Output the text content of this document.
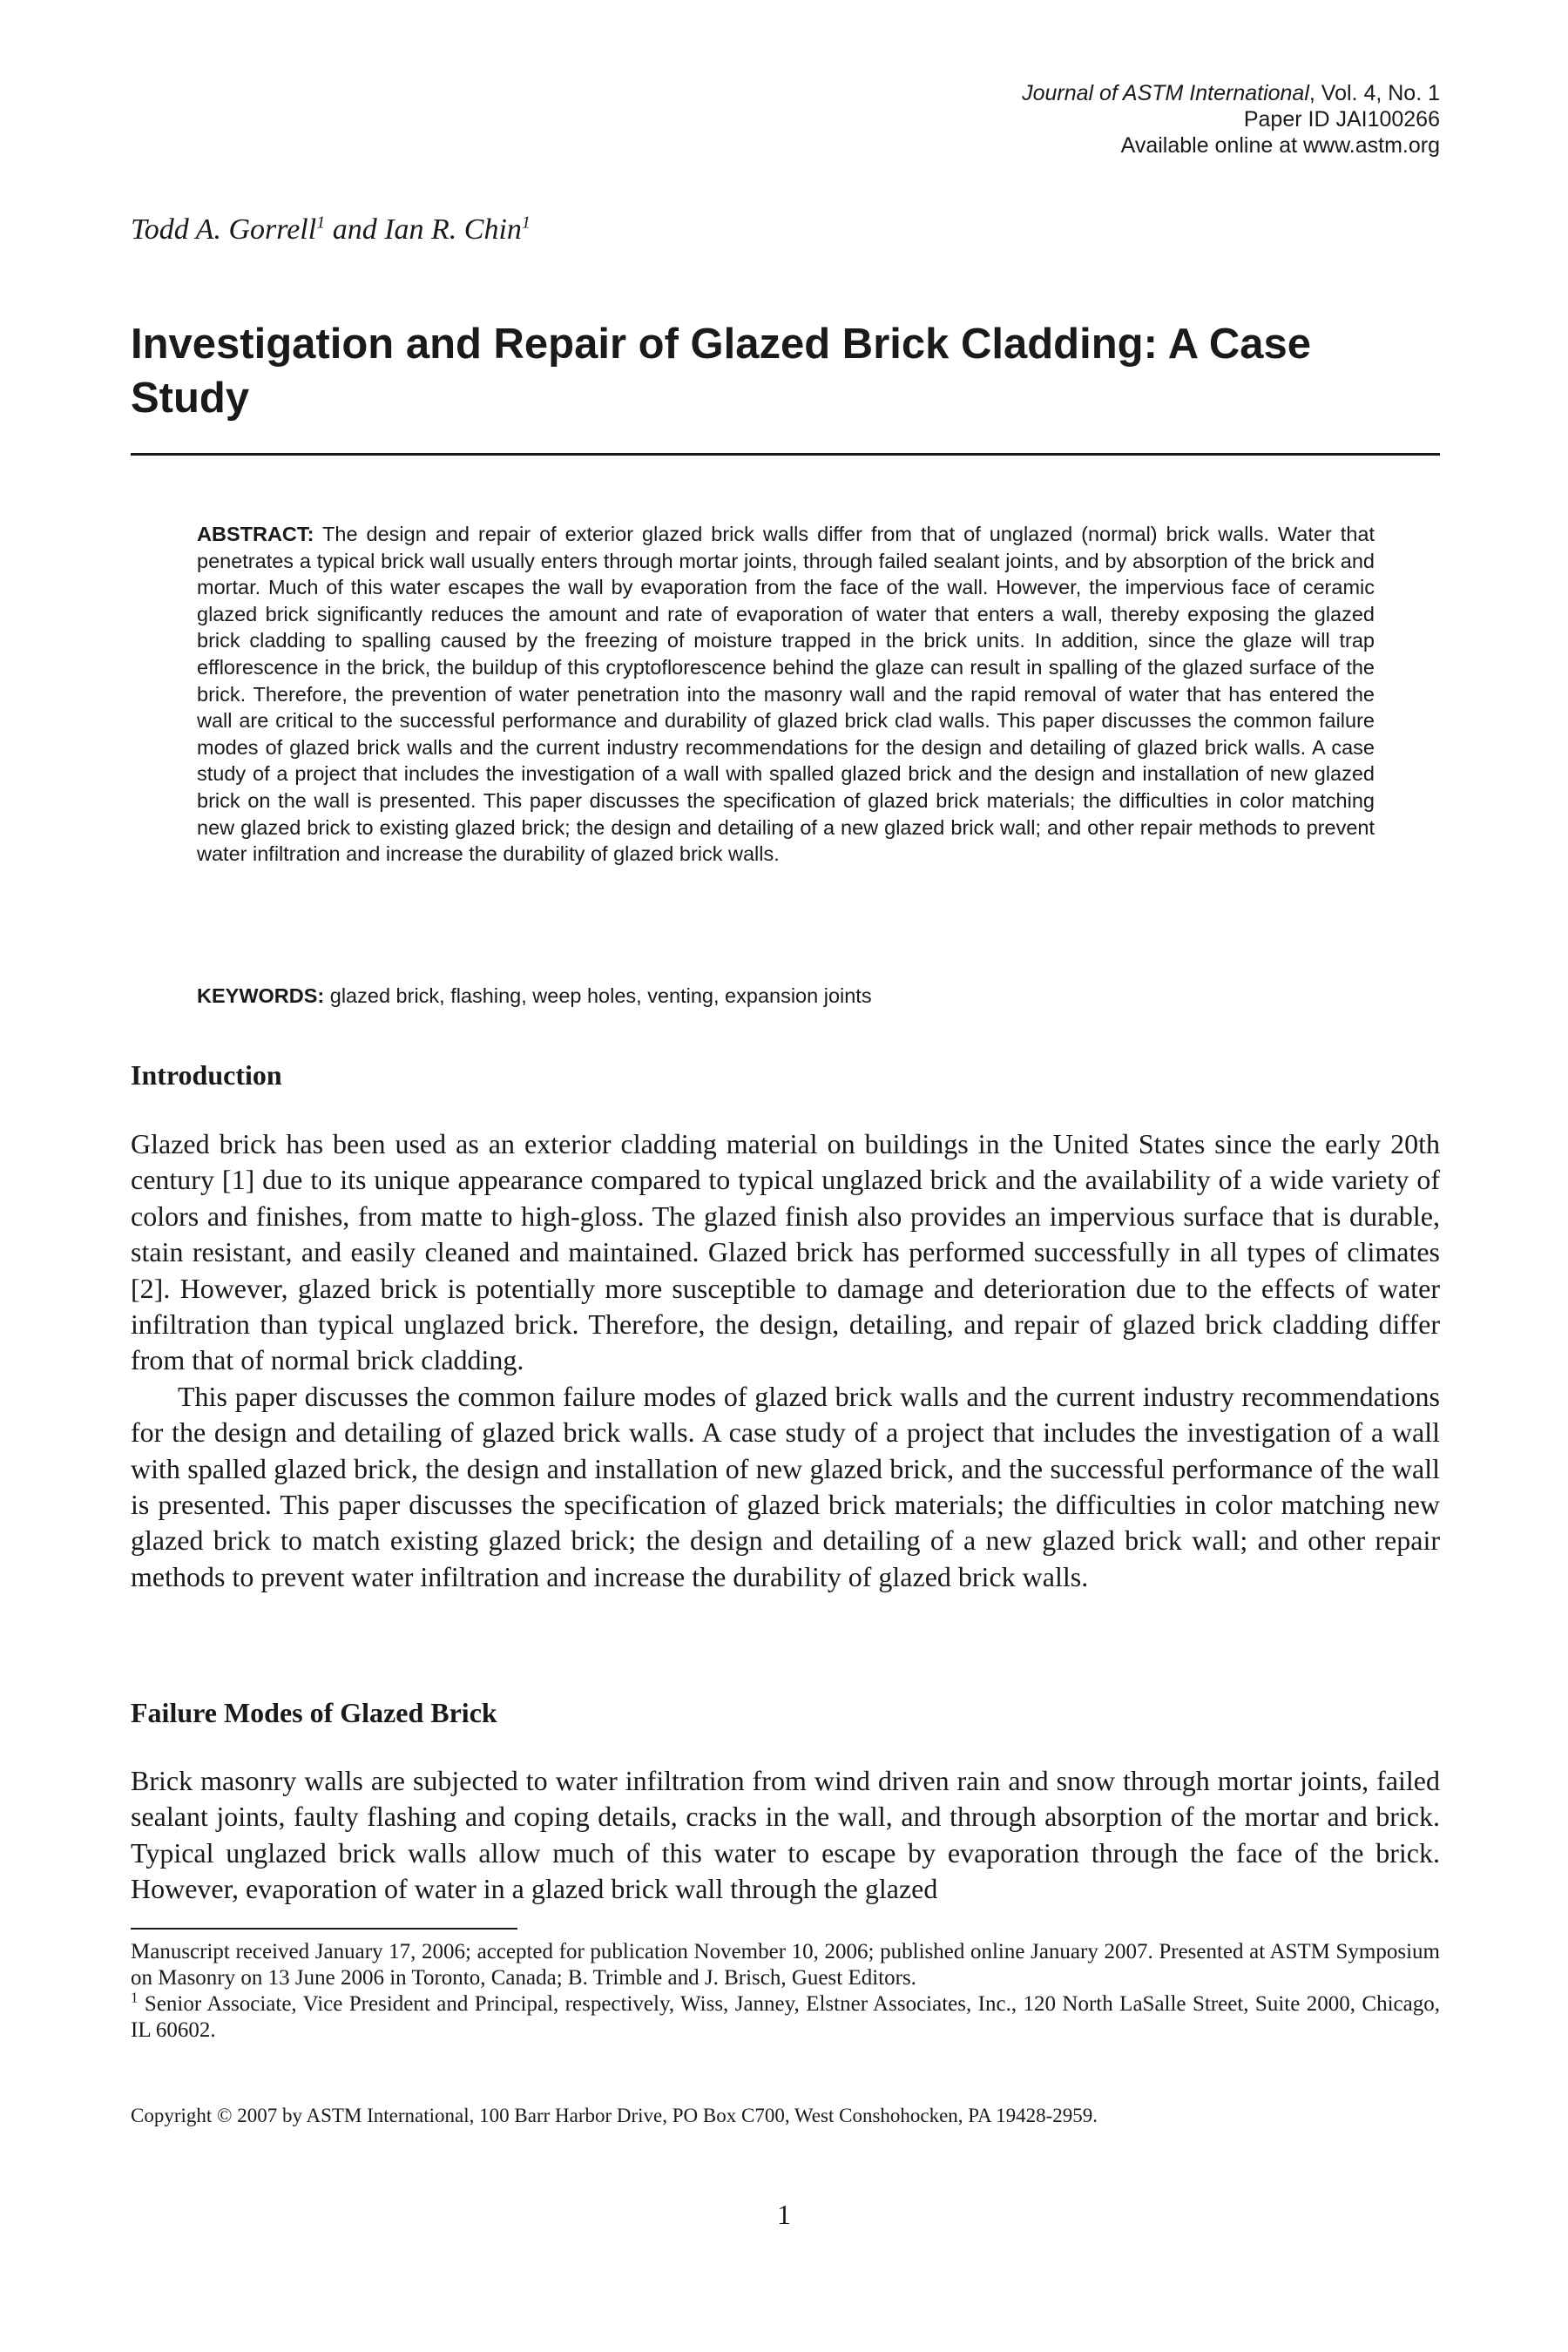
Journal of ASTM International, Vol. 4, No. 1
Paper ID JAI100266
Available online at www.astm.org
Todd A. Gorrell$^1$ and Ian R. Chin$^1$
Investigation and Repair of Glazed Brick Cladding: A Case Study

ABSTRACT: The design and repair of exterior glazed brick walls differ from that of unglazed (normal) brick walls. Water that penetrates a typical brick wall usually enters through mortar joints, through failed sealant joints, and by absorption of the brick and mortar. Much of this water escapes the wall by evaporation from the face of the wall. However, the impervious face of ceramic glazed brick significantly reduces the amount and rate of evaporation of water that enters a wall, thereby exposing the glazed brick cladding to spalling caused by the freezing of moisture trapped in the brick units. In addition, since the glaze will trap efflorescence in the brick, the buildup of this cryptoflorescence behind the glaze can result in spalling of the glazed surface of the brick. Therefore, the prevention of water penetration into the masonry wall and the rapid removal of water that has entered the wall are critical to the successful performance and durability of glazed brick clad walls. This paper discusses the common failure modes of glazed brick walls and the current industry recommendations for the design and detailing of glazed brick walls. A case study of a project that includes the investigation of a wall with spalled glazed brick and the design and installation of new glazed brick on the wall is presented. This paper discusses the specification of glazed brick materials; the difficulties in color matching new glazed brick to existing glazed brick; the design and detailing of a new glazed brick wall; and other repair methods to prevent water infiltration and increase the durability of glazed brick walls.

KEYWORDS: glazed brick, flashing, weep holes, venting, expansion joints

Introduction

Glazed brick has been used as an exterior cladding material on buildings in the United States since the early 20th century [1] due to its unique appearance compared to typical unglazed brick and the availability of a wide variety of colors and finishes, from matte to high-gloss. The glazed finish also provides an impervious surface that is durable, stain resistant, and easily cleaned and maintained. Glazed brick has performed successfully in all types of climates [2]. However, glazed brick is potentially more susceptible to damage and deterioration due to the effects of water infiltration than typical unglazed brick. Therefore, the design, detailing, and repair of glazed brick cladding differ from that of normal brick cladding.

This paper discusses the common failure modes of glazed brick walls and the current industry recommendations for the design and detailing of glazed brick walls. A case study of a project that includes the investigation of a wall with spalled glazed brick, the design and installation of new glazed brick, and the successful performance of the wall is presented. This paper discusses the specification of glazed brick materials; the difficulties in color matching new glazed brick to match existing glazed brick; the design and detailing of a new glazed brick wall; and other repair methods to prevent water infiltration and increase the durability of glazed brick walls.

Failure Modes of Glazed Brick

Brick masonry walls are subjected to water infiltration from wind driven rain and snow through mortar joints, failed sealant joints, faulty flashing and coping details, cracks in the wall, and through absorption of the mortar and brick. Typical unglazed brick walls allow much of this water to escape by evaporation through the face of the brick. However, evaporation of water in a glazed brick wall through the glazed

Manuscript received January 17, 2006; accepted for publication November 10, 2006; published online January 2007. Presented at ASTM Symposium on Masonry on 13 June 2006 in Toronto, Canada; B. Trimble and J. Brisch, Guest Editors.

$^1$ Senior Associate, Vice President and Principal, respectively, Wiss, Janney, Elstner Associates, Inc., 120 North LaSalle Street, Suite 2000, Chicago, IL 60602.

Copyright © 2007 by ASTM International, 100 Barr Harbor Drive, PO Box C700, West Conshohocken, PA 19428-2959.
1
